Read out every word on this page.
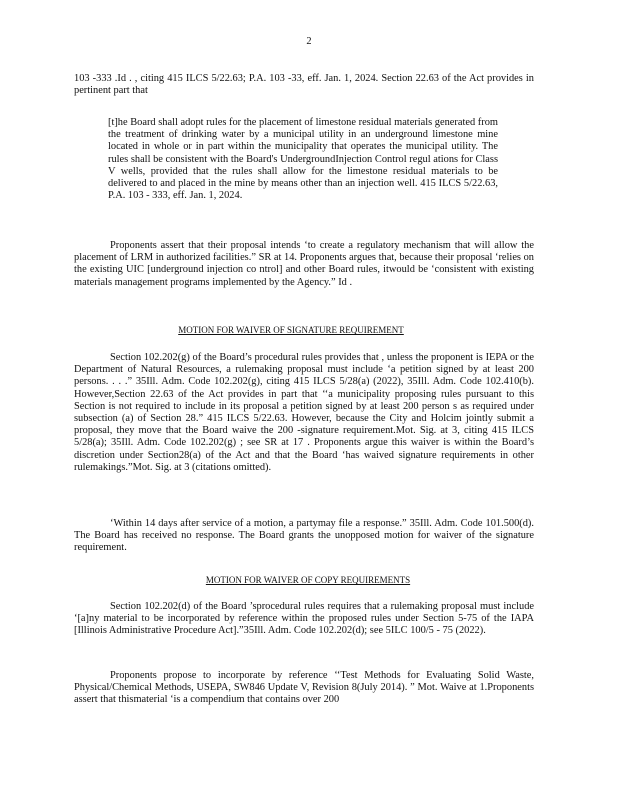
2
103 -333 .Id . , citing 415 ILCS 5/22.63; P.A. 103 -33, eff. Jan. 1, 2024. Section 22.63 of the Act provides in pertinent part that
[t]he Board shall adopt rules for the placement of limestone residual materials generated from the treatment of drinking water by a municipal utility in an underground limestone mine located in whole or in part within the municipality that operates the municipal utility. The rules shall be consistent with the Board's UndergroundInjection Control regul ations for Class V wells, provided that the rules shall allow for the limestone residual materials to be delivered to and placed in the mine by means other than an injection well. 415 ILCS 5/22.63, P.A. 103 - 333, eff. Jan. 1, 2024.
Proponents assert that their proposal intends ‘to create a regulatory mechanism that will allow the placement of LRM in authorized facilities.” SR at 14. Proponents argues that, because their proposal ‘relies on the existing UIC [underground injection co ntrol] and other Board rules, itwould be ‘consistent with existing materials management programs implemented by the Agency.” Id .
MOTION FOR WAIVER OF SIGNATURE REQUIREMENT
Section 102.202(g) of the Board’s procedural rules provides that , unless the proponent is IEPA or the Department of Natural Resources, a rulemaking proposal must include ‘a petition signed by at least 200 persons. . . .” 35Ill. Adm. Code 102.202(g), citing 415 ILCS 5/28(a) (2022), 35Ill. Adm. Code 102.410(b). However,Section 22.63 of the Act provides in part that ‘‘a municipality proposing rules pursuant to this Section is not required to include in its proposal a petition signed by at least 200 person s as required under subsection (a) of Section 28.” 415 ILCS 5/22.63. However, because the City and Holcim jointly submit a proposal, they move that the Board waive the 200 -signature requirement.Mot. Sig. at 3, citing 415 ILCS 5/28(a); 35Ill. Adm. Code 102.202(g) ; see SR at 17 . Proponents argue this waiver is within the Board’s discretion under Section28(a) of the Act and that the Board ‘has waived signature requirements in other rulemakings.”Mot. Sig. at 3 (citations omitted).
‘Within 14 days after service of a motion, a partymay file a response.” 35Ill. Adm. Code 101.500(d). The Board has received no response. The Board grants the unopposed motion for waiver of the signature requirement.
MOTION FOR WAIVER OF COPY REQUIREMENTS
Section 102.202(d) of the Board ’sprocedural rules requires that a rulemaking proposal must include ‘[a]ny material to be incorporated by reference within the proposed rules under Section 5-75 of the IAPA [Illinois Administrative Procedure Act].”35Ill. Adm. Code 102.202(d); see 5ILC 100/5 - 75 (2022).
Proponents propose to incorporate by reference ‘‘Test Methods for Evaluating Solid Waste, Physical/Chemical Methods, USEPA, SW846 Update V, Revision 8(July 2014). ” Mot. Waive at 1.Proponents assert that thismaterial ‘is a compendium that contains over 200
